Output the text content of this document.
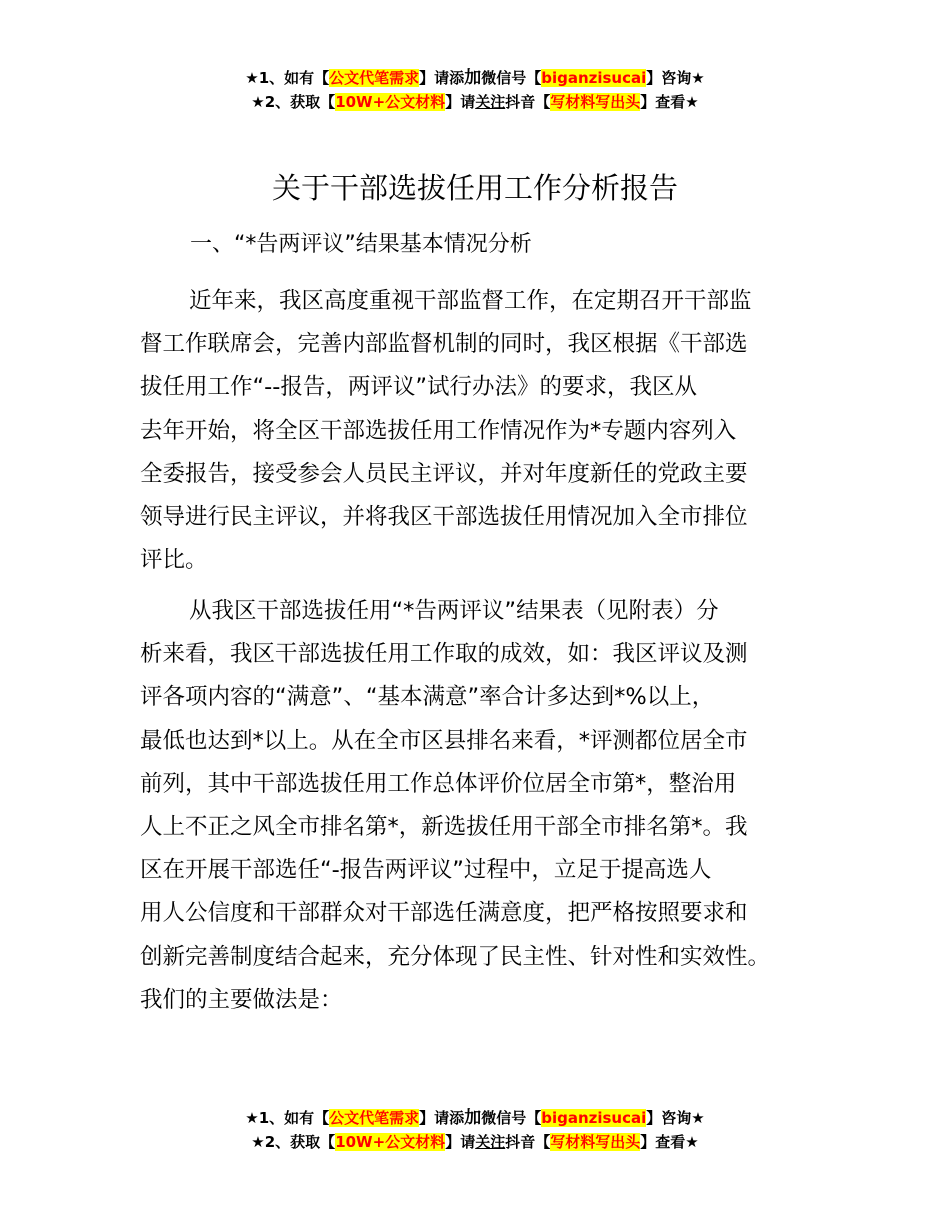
★1、如有【公文代笔需求】请添加微信号【biganzisucai】咨询★
★2、获取【10W+公文材料】请关注抖音【写材料写出头】查看★
关于干部选拔任用工作分析报告
一、“*告两评议”结果基本情况分析
近年来，我区高度重视干部监督工作，在定期召开干部监
督工作联席会，完善内部监督机制的同时，我区根据《干部选
拔任用工作“--报告，两评议”试行办法》的要求，我区从
去年开始，将全区干部选拔任用工作情况作为*专题内容列入
全委报告，接受参会人员民主评议，并对年度新任的党政主要
领导进行民主评议，并将我区干部选拔任用情况加入全市排位
评比。
从我区干部选拔任用“*告两评议”结果表（见附表）分
析来看，我区干部选拔任用工作取的成效，如：我区评议及测
评各项内容的“满意”、“基本满意”率合计多达到*%以上，
最低也达到*以上。从在全市区县排名来看，*评测都位居全市
前列，其中干部选拔任用工作总体评价位居全市第*，整治用
人上不正之风全市排名第*，新选拔任用干部全市排名第*。我
区在开展干部选任“-报告两评议”过程中，立足于提高选人
用人公信度和干部群众对干部选任满意度，把严格按照要求和
创新完善制度结合起来，充分体现了民主性、针对性和实效性。
我们的主要做法是：
★1、如有【公文代笔需求】请添加微信号【biganzisucai】咨询★
★2、获取【10W+公文材料】请关注抖音【写材料写出头】查看★
